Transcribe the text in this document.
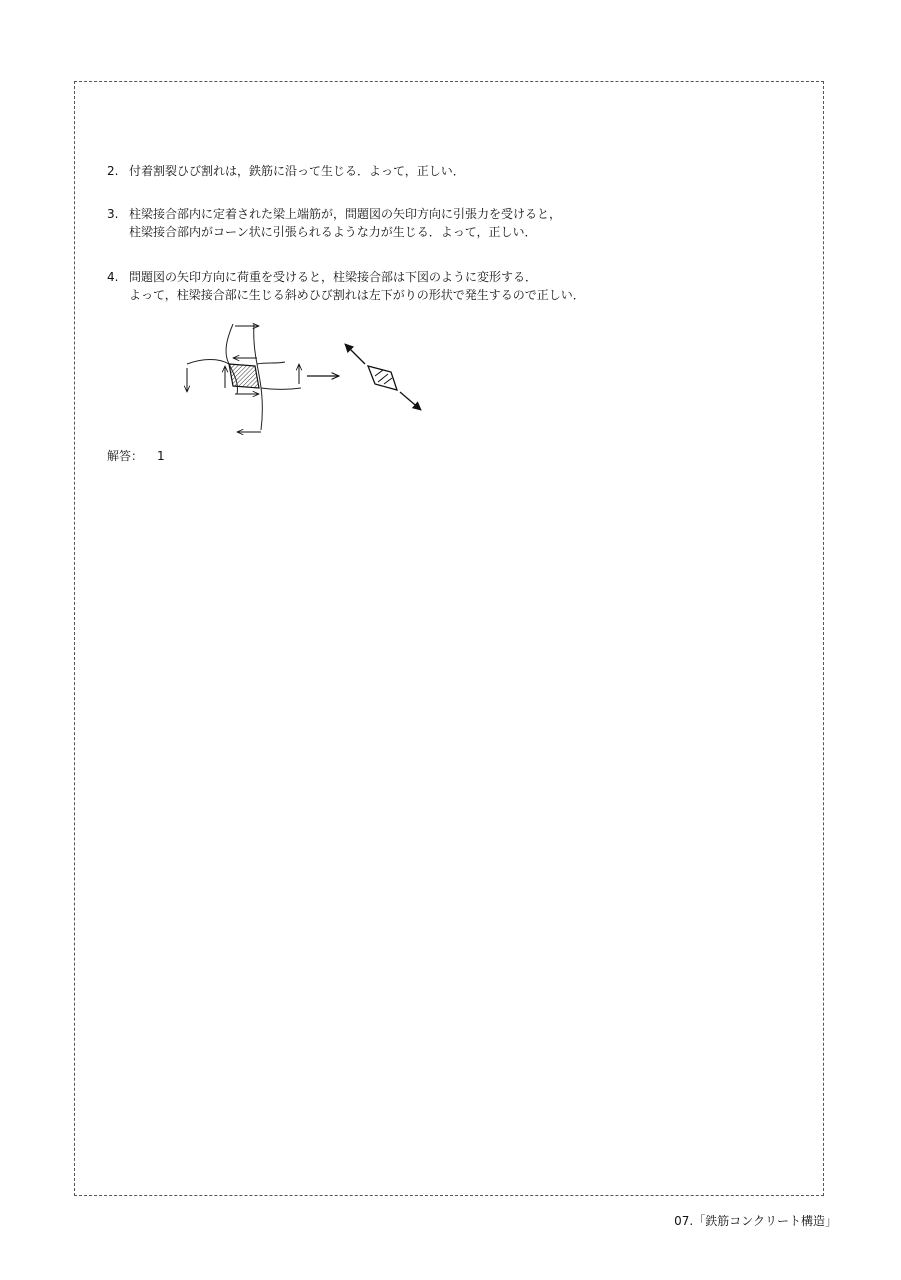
2. 付着割裂ひび割れは，鉄筋に沿って生じる．よって，正しい．
3. 柱梁接合部内に定着された梁上端筋が，問題図の矢印方向に引張力を受けると，
柱梁接合部内がコーン状に引張られるような力が生じる．よって，正しい．
4. 問題図の矢印方向に荷重を受けると，柱梁接合部は下図のように変形する．
よって，柱梁接合部に生じる斜めひび割れは左下がりの形状で発生するので正しい．
解答： 1
07.「鉄筋コンクリート構造」
